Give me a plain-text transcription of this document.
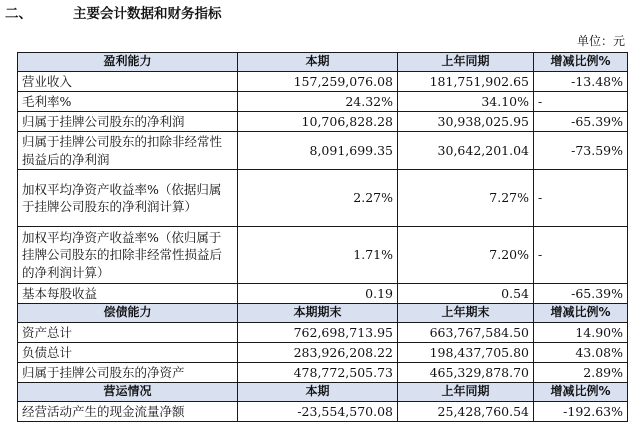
二、	主要会计数据和财务指标
单位：元
盈利能力	本期	上年同期	增减比例%
营业收入	157,259,076.08	181,751,902.65	-13.48%
毛利率%	24.32%	34.10%	-
归属于挂牌公司股东的净利润	10,706,828.28	30,938,025.95	-65.39%
归属于挂牌公司股东的扣除非经常性损益后的净利润	8,091,699.35	30,642,201.04	-73.59%
加权平均净资产收益率%（依据归属于挂牌公司股东的净利润计算）	2.27%	7.27%	-
加权平均净资产收益率%（依归属于挂牌公司股东的扣除非经常性损益后的净利润计算）	1.71%	7.20%	-
基本每股收益	0.19	0.54	-65.39%
偿债能力	本期期末	上年期末	增减比例%
资产总计	762,698,713.95	663,767,584.50	14.90%
负债总计	283,926,208.22	198,437,705.80	43.08%
归属于挂牌公司股东的净资产	478,772,505.73	465,329,878.70	2.89%
营运情况	本期	上年同期	增减比例%
经营活动产生的现金流量净额	-23,554,570.08	25,428,760.54	-192.63%
